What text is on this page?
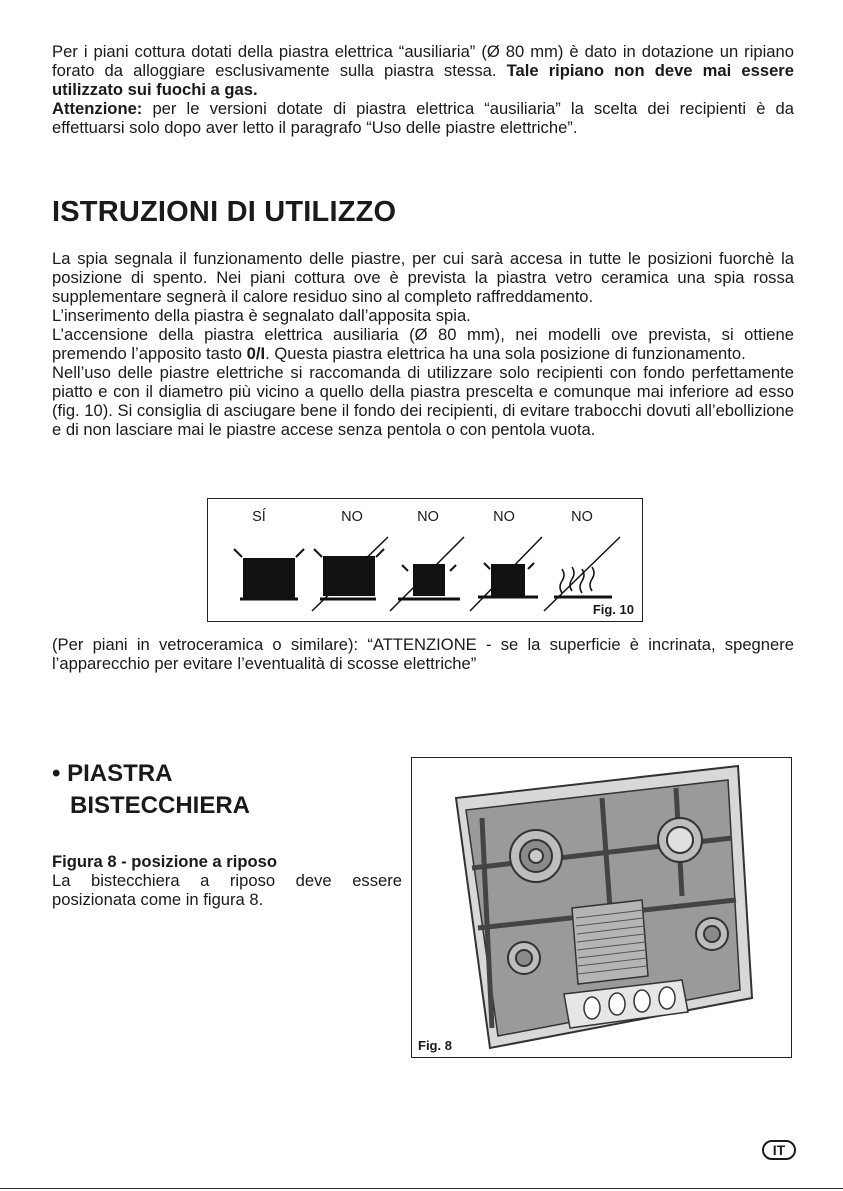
Per i piani cottura dotati della piastra elettrica “ausiliaria” (Ø 80 mm) è dato in dotazione un ripiano forato da alloggiare esclusivamente sulla piastra stessa. Tale ripiano non deve mai essere utilizzato sui fuochi a gas.

Attenzione: per le versioni dotate di piastra elettrica “ausiliaria” la scelta dei recipienti è da effettuarsi solo dopo aver letto il paragrafo “Uso delle piastre elettriche”.

ISTRUZIONI DI UTILIZZO

La spia segnala il funzionamento delle piastre, per cui sarà accesa in tutte le posizioni fuorchè la posizione di spento. Nei piani cottura ove è prevista la piastra vetro ceramica una spia rossa supplementare segnerà il calore residuo sino al completo raffreddamento.

L’inserimento della piastra è segnalato dall’apposita spia.

L’accensione della piastra elettrica ausiliaria (Ø 80 mm), nei modelli ove prevista, si ottiene premendo l’apposito tasto 0/I. Questa piastra elettrica ha una sola posizione di funzionamento.

Nell’uso delle piastre elettriche si raccomanda di utilizzare solo recipienti con fondo perfettamente piatto e con il diametro più vicino a quello della piastra prescelta e comunque mai inferiore ad esso (fig. 10). Si consiglia di asciugare bene il fondo dei recipienti, di evitare trabocchi dovuti all’ebollizione e di non lasciare mai le piastre accese senza pentola o con pentola vuota.

SÍ	NO	NO	NO	NO
Fig. 10

(Per piani in vetroceramica o similare): “ATTENZIONE - se la superficie è incrinata, spegnere l’apparecchio per evitare l’eventualità di scosse elettriche”

• PIASTRA
BISTECCHIERA

Figura 8 - posizione a riposo

La bistecchiera a riposo deve essere

posizionata come in figura 8.

Fig. 8
IT
